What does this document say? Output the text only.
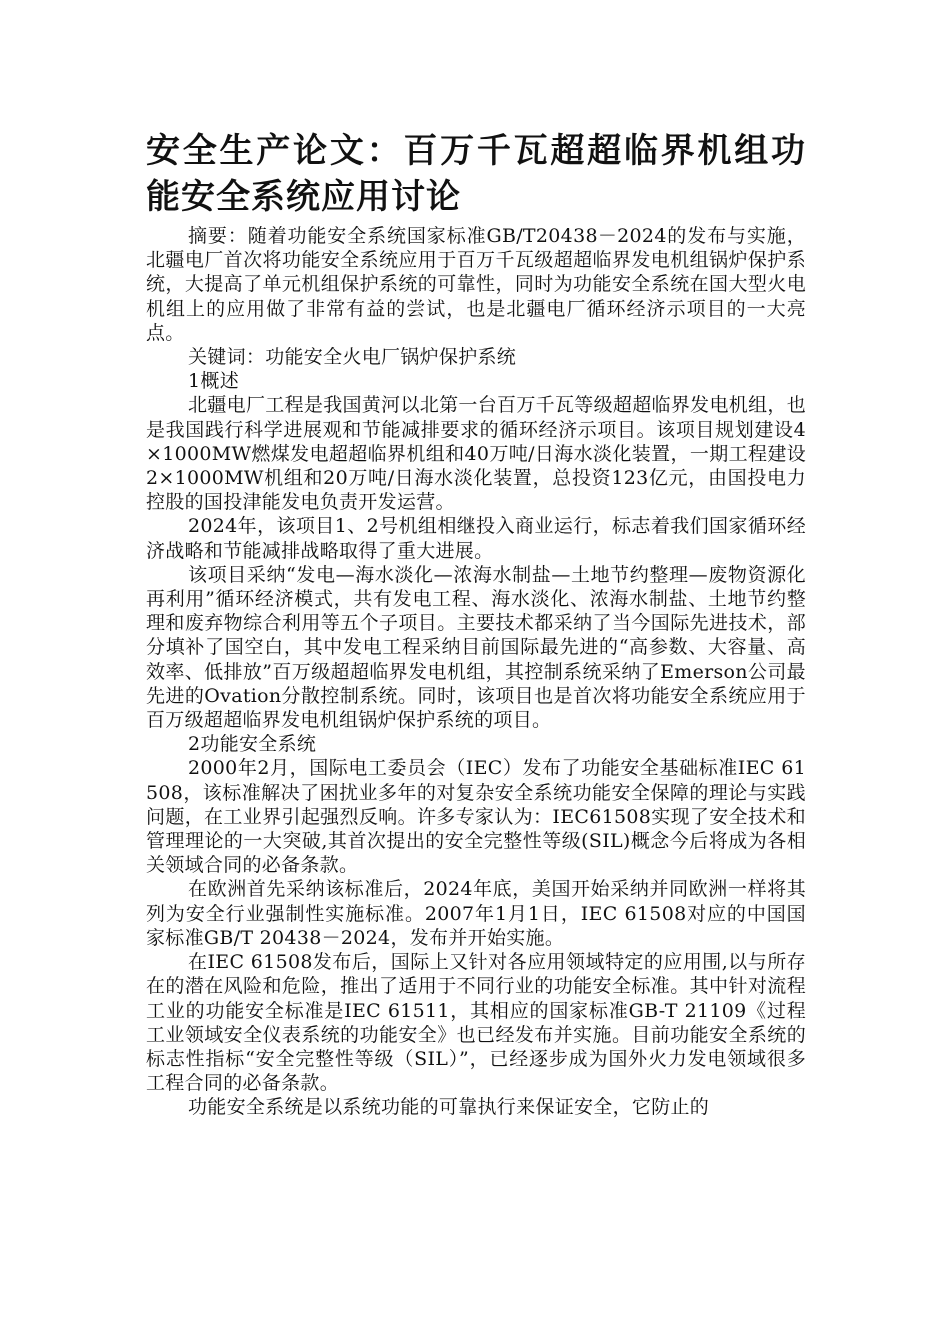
安全生产论文：百万千瓦超超临界机组功能安全系统应用讨论

摘要：随着功能安全系统国家标准GB/T20438－2024的发布与实施，北疆电厂首次将功能安全系统应用于百万千瓦级超超临界发电机组锅炉保护系统，大提高了单元机组保护系统的可靠性，同时为功能安全系统在国大型火电机组上的应用做了非常有益的尝试，也是北疆电厂循环经济示项目的一大亮点。

关键词：功能安全火电厂锅炉保护系统

1概述

北疆电厂工程是我国黄河以北第一台百万千瓦等级超超临界发电机组，也是我国践行科学进展观和节能减排要求的循环经济示项目。该项目规划建设4×1000MW燃煤发电超超临界机组和40万吨/日海水淡化装置，一期工程建设2×1000MW机组和20万吨/日海水淡化装置，总投资123亿元，由国投电力控股的国投津能发电负责开发运营。

2024年，该项目1、2号机组相继投入商业运行，标志着我们国家循环经济战略和节能减排战略取得了重大进展。

该项目采纳“发电—海水淡化—浓海水制盐—土地节约整理—废物资源化再利用”循环经济模式，共有发电工程、海水淡化、浓海水制盐、土地节约整理和废弃物综合利用等五个子项目。主要技术都采纳了当今国际先进技术，部分填补了国空白，其中发电工程采纳目前国际最先进的“高参数、大容量、高效率、低排放”百万级超超临界发电机组，其控制系统采纳了Emerson公司最先进的Ovation分散控制系统。同时，该项目也是首次将功能安全系统应用于百万级超超临界发电机组锅炉保护系统的项目。

2功能安全系统

2000年2月，国际电工委员会（IEC）发布了功能安全基础标准IEC 61508，该标准解决了困扰业多年的对复杂安全系统功能安全保障的理论与实践问题，在工业界引起强烈反响。许多专家认为：IEC61508实现了安全技术和管理理论的一大突破,其首次提出的安全完整性等级(SIL)概念今后将成为各相关领域合同的必备条款。

在欧洲首先采纳该标准后，2024年底，美国开始采纳并同欧洲一样将其列为安全行业强制性实施标准。2007年1月1日，IEC 61508对应的中国国家标准GB/T 20438－2024，发布并开始实施。

在IEC 61508发布后，国际上又针对各应用领域特定的应用围,以与所存在的潜在风险和危险，推出了适用于不同行业的功能安全标准。其中针对流程工业的功能安全标准是IEC 61511，其相应的国家标准GB-T 21109《过程工业领域安全仪表系统的功能安全》也已经发布并实施。目前功能安全系统的标志性指标“安全完整性等级（SIL）”，已经逐步成为国外火力发电领域很多工程合同的必备条款。

功能安全系统是以系统功能的可靠执行来保证安全，它防止的
